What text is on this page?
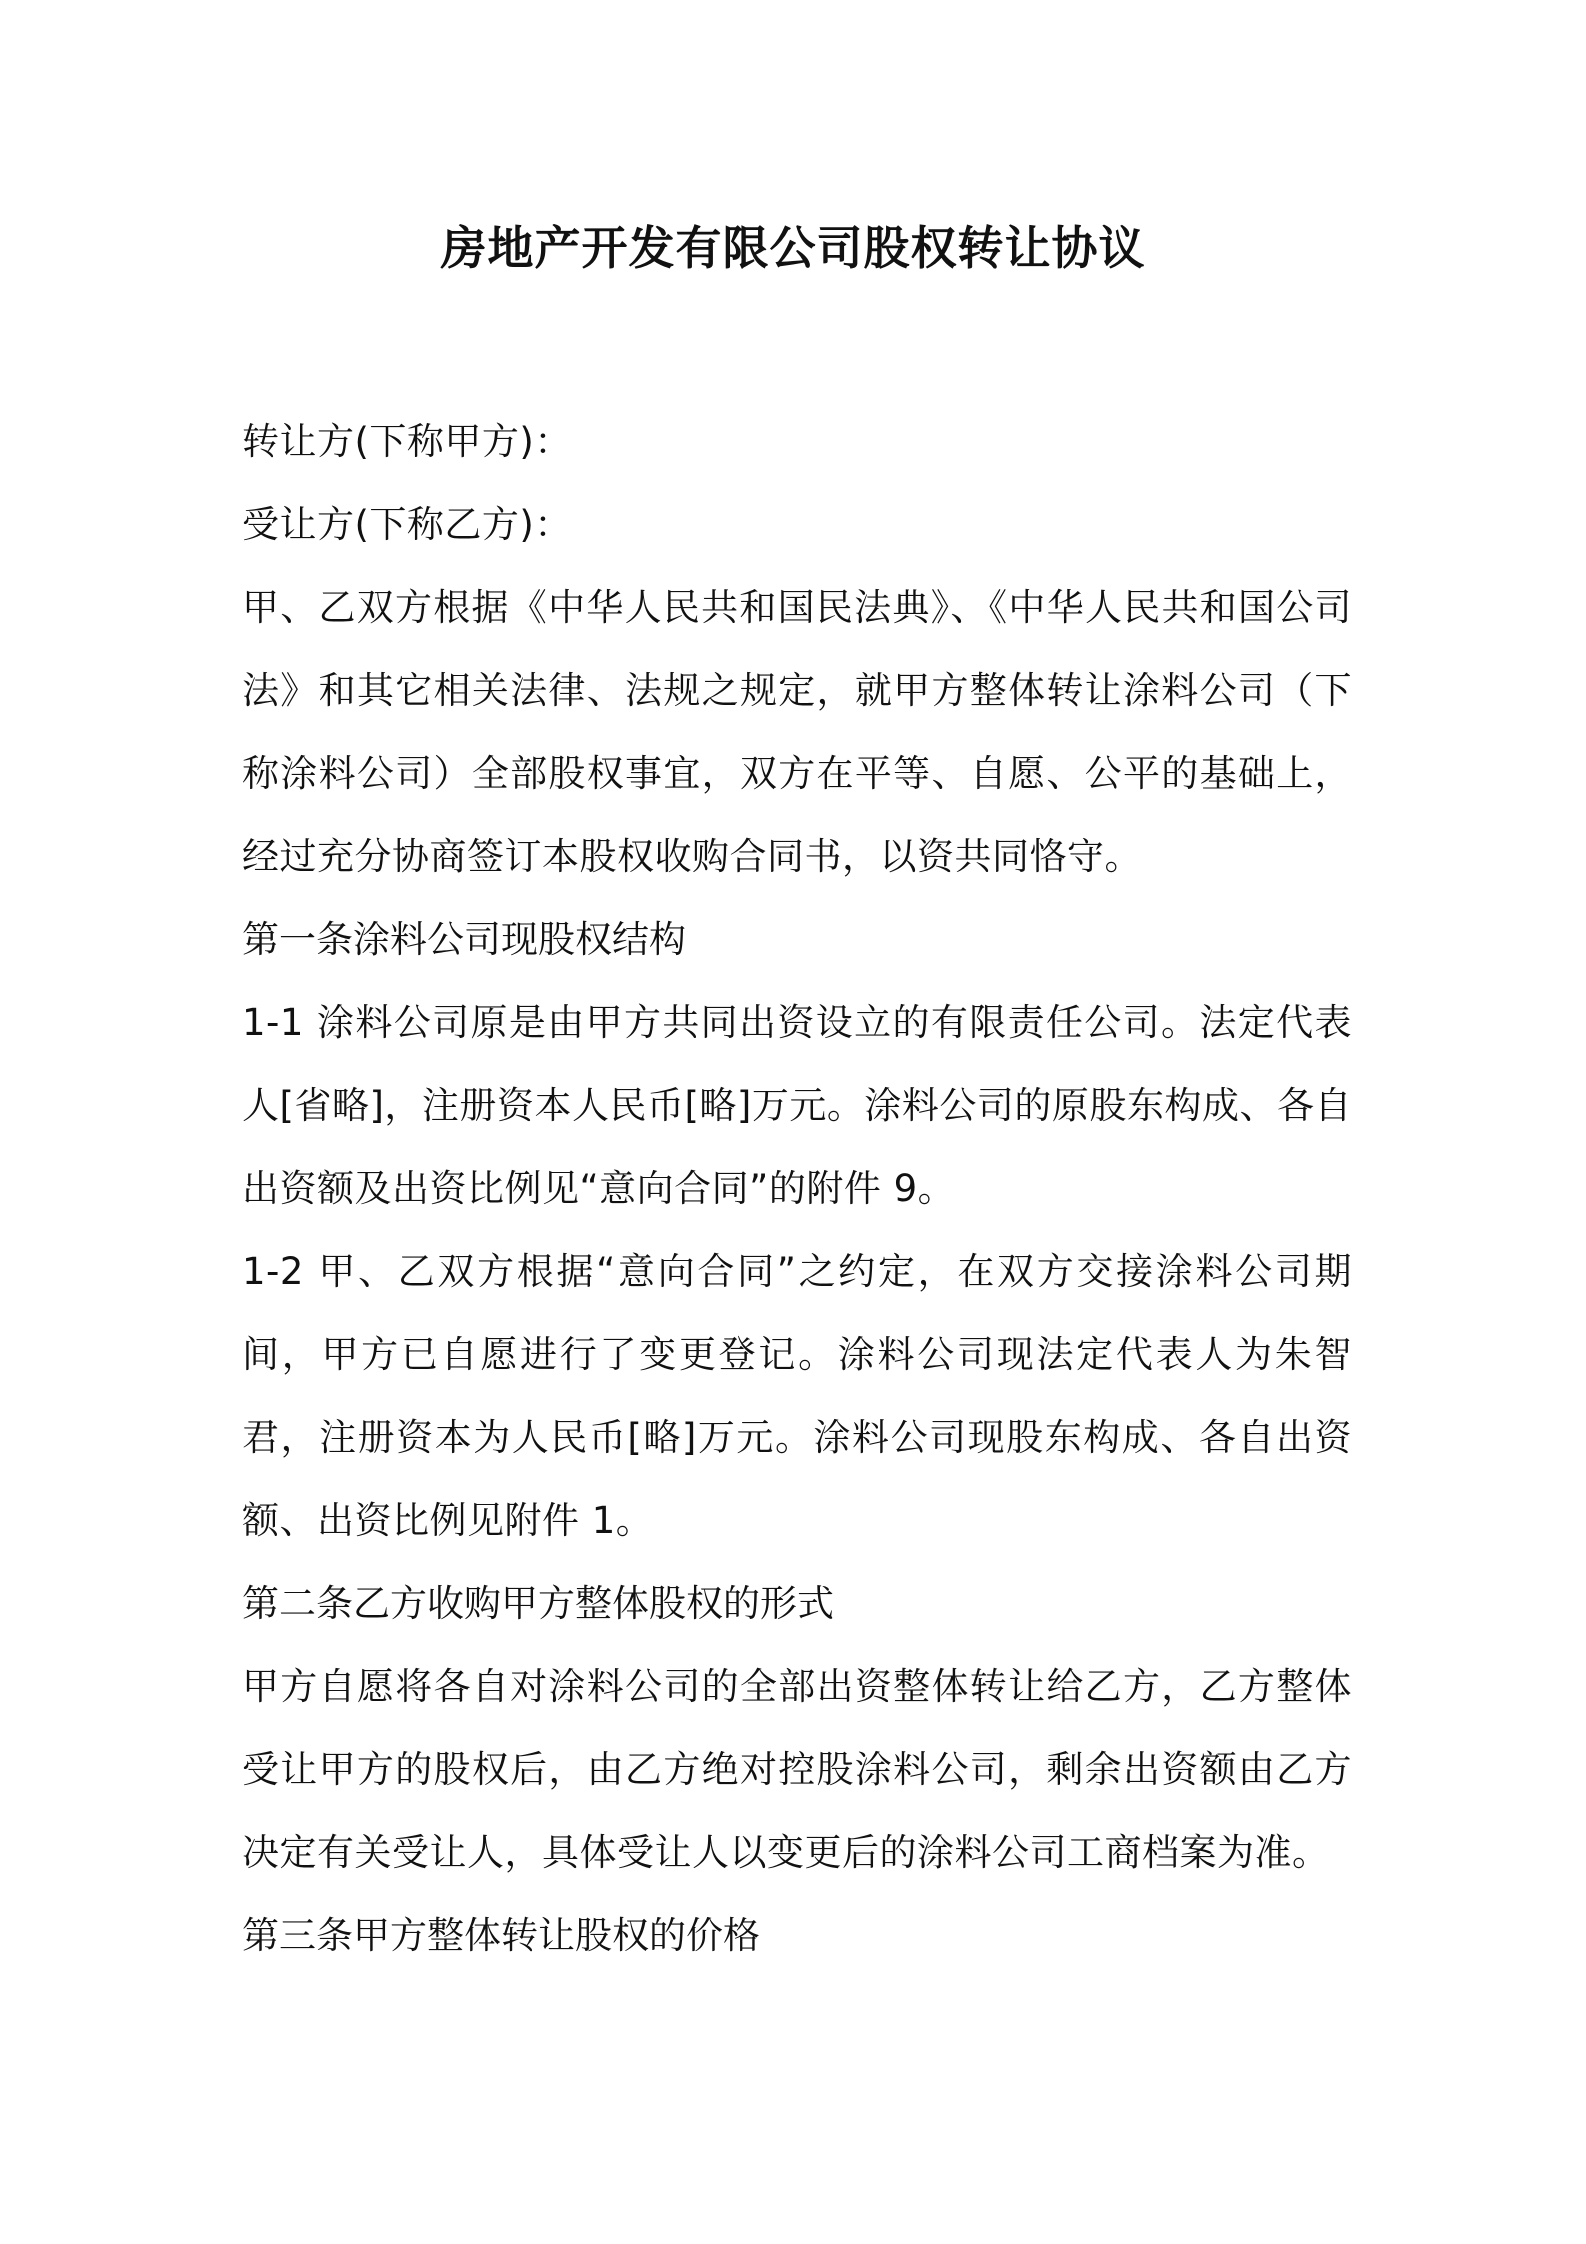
房地产开发有限公司股权转让协议

转让方(下称甲方)：

受让方(下称乙方)：

甲、乙双方根据《中华人民共和国民法典》、《中华人民共和国公司法》和其它相关法律、法规之规定，就甲方整体转让涂料公司（下称涂料公司）全部股权事宜，双方在平等、自愿、公平的基础上，经过充分协商签订本股权收购合同书，以资共同恪守。

第一条涂料公司现股权结构

1-1 涂料公司原是由甲方共同出资设立的有限责任公司。法定代表人[省略]，注册资本人民币[略]万元。涂料公司的原股东构成、各自出资额及出资比例见“意向合同”的附件 9。

1-2 甲、乙双方根据“意向合同”之约定，在双方交接涂料公司期间，甲方已自愿进行了变更登记。涂料公司现法定代表人为朱智君，注册资本为人民币[略]万元。涂料公司现股东构成、各自出资额、出资比例见附件 1。

第二条乙方收购甲方整体股权的形式

甲方自愿将各自对涂料公司的全部出资整体转让给乙方，乙方整体受让甲方的股权后，由乙方绝对控股涂料公司，剩余出资额由乙方决定有关受让人，具体受让人以变更后的涂料公司工商档案为准。

第三条甲方整体转让股权的价格
